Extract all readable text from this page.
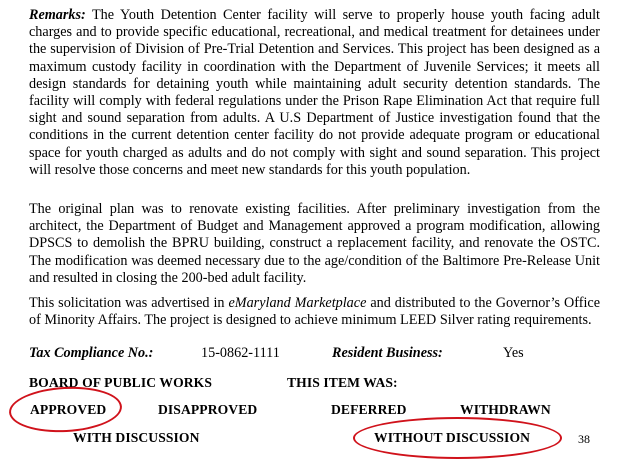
Remarks: The Youth Detention Center facility will serve to properly house youth facing adult charges and to provide specific educational, recreational, and medical treatment for detainees under the supervision of Division of Pre-Trial Detention and Services. This project has been designed as a maximum custody facility in coordination with the Department of Juvenile Services; it meets all design standards for detaining youth while maintaining adult security detention standards. The facility will comply with federal regulations under the Prison Rape Elimination Act that require full sight and sound separation from adults. A U.S Department of Justice investigation found that the conditions in the current detention center facility do not provide adequate program or educational space for youth charged as adults and do not comply with sight and sound separation. This project will resolve those concerns and meet new standards for this youth population.

The original plan was to renovate existing facilities. After preliminary investigation from the architect, the Department of Budget and Management approved a program modification, allowing DPSCS to demolish the BPRU building, construct a replacement facility, and renovate the OSTC. The modification was deemed necessary due to the age/condition of the Baltimore Pre-Release Unit and resulted in closing the 200-bed adult facility.

This solicitation was advertised in eMaryland Marketplace and distributed to the Governor’s Office of Minority Affairs. The project is designed to achieve minimum LEED Silver rating requirements.

Tax Compliance No.:	15-0862-1111	Resident Business:	Yes
BOARD OF PUBLIC WORKS	THIS ITEM WAS:
APPROVED	DISAPPROVED	DEFERRED	WITHDRAWN
WITH DISCUSSION	WITHOUT DISCUSSION	38
